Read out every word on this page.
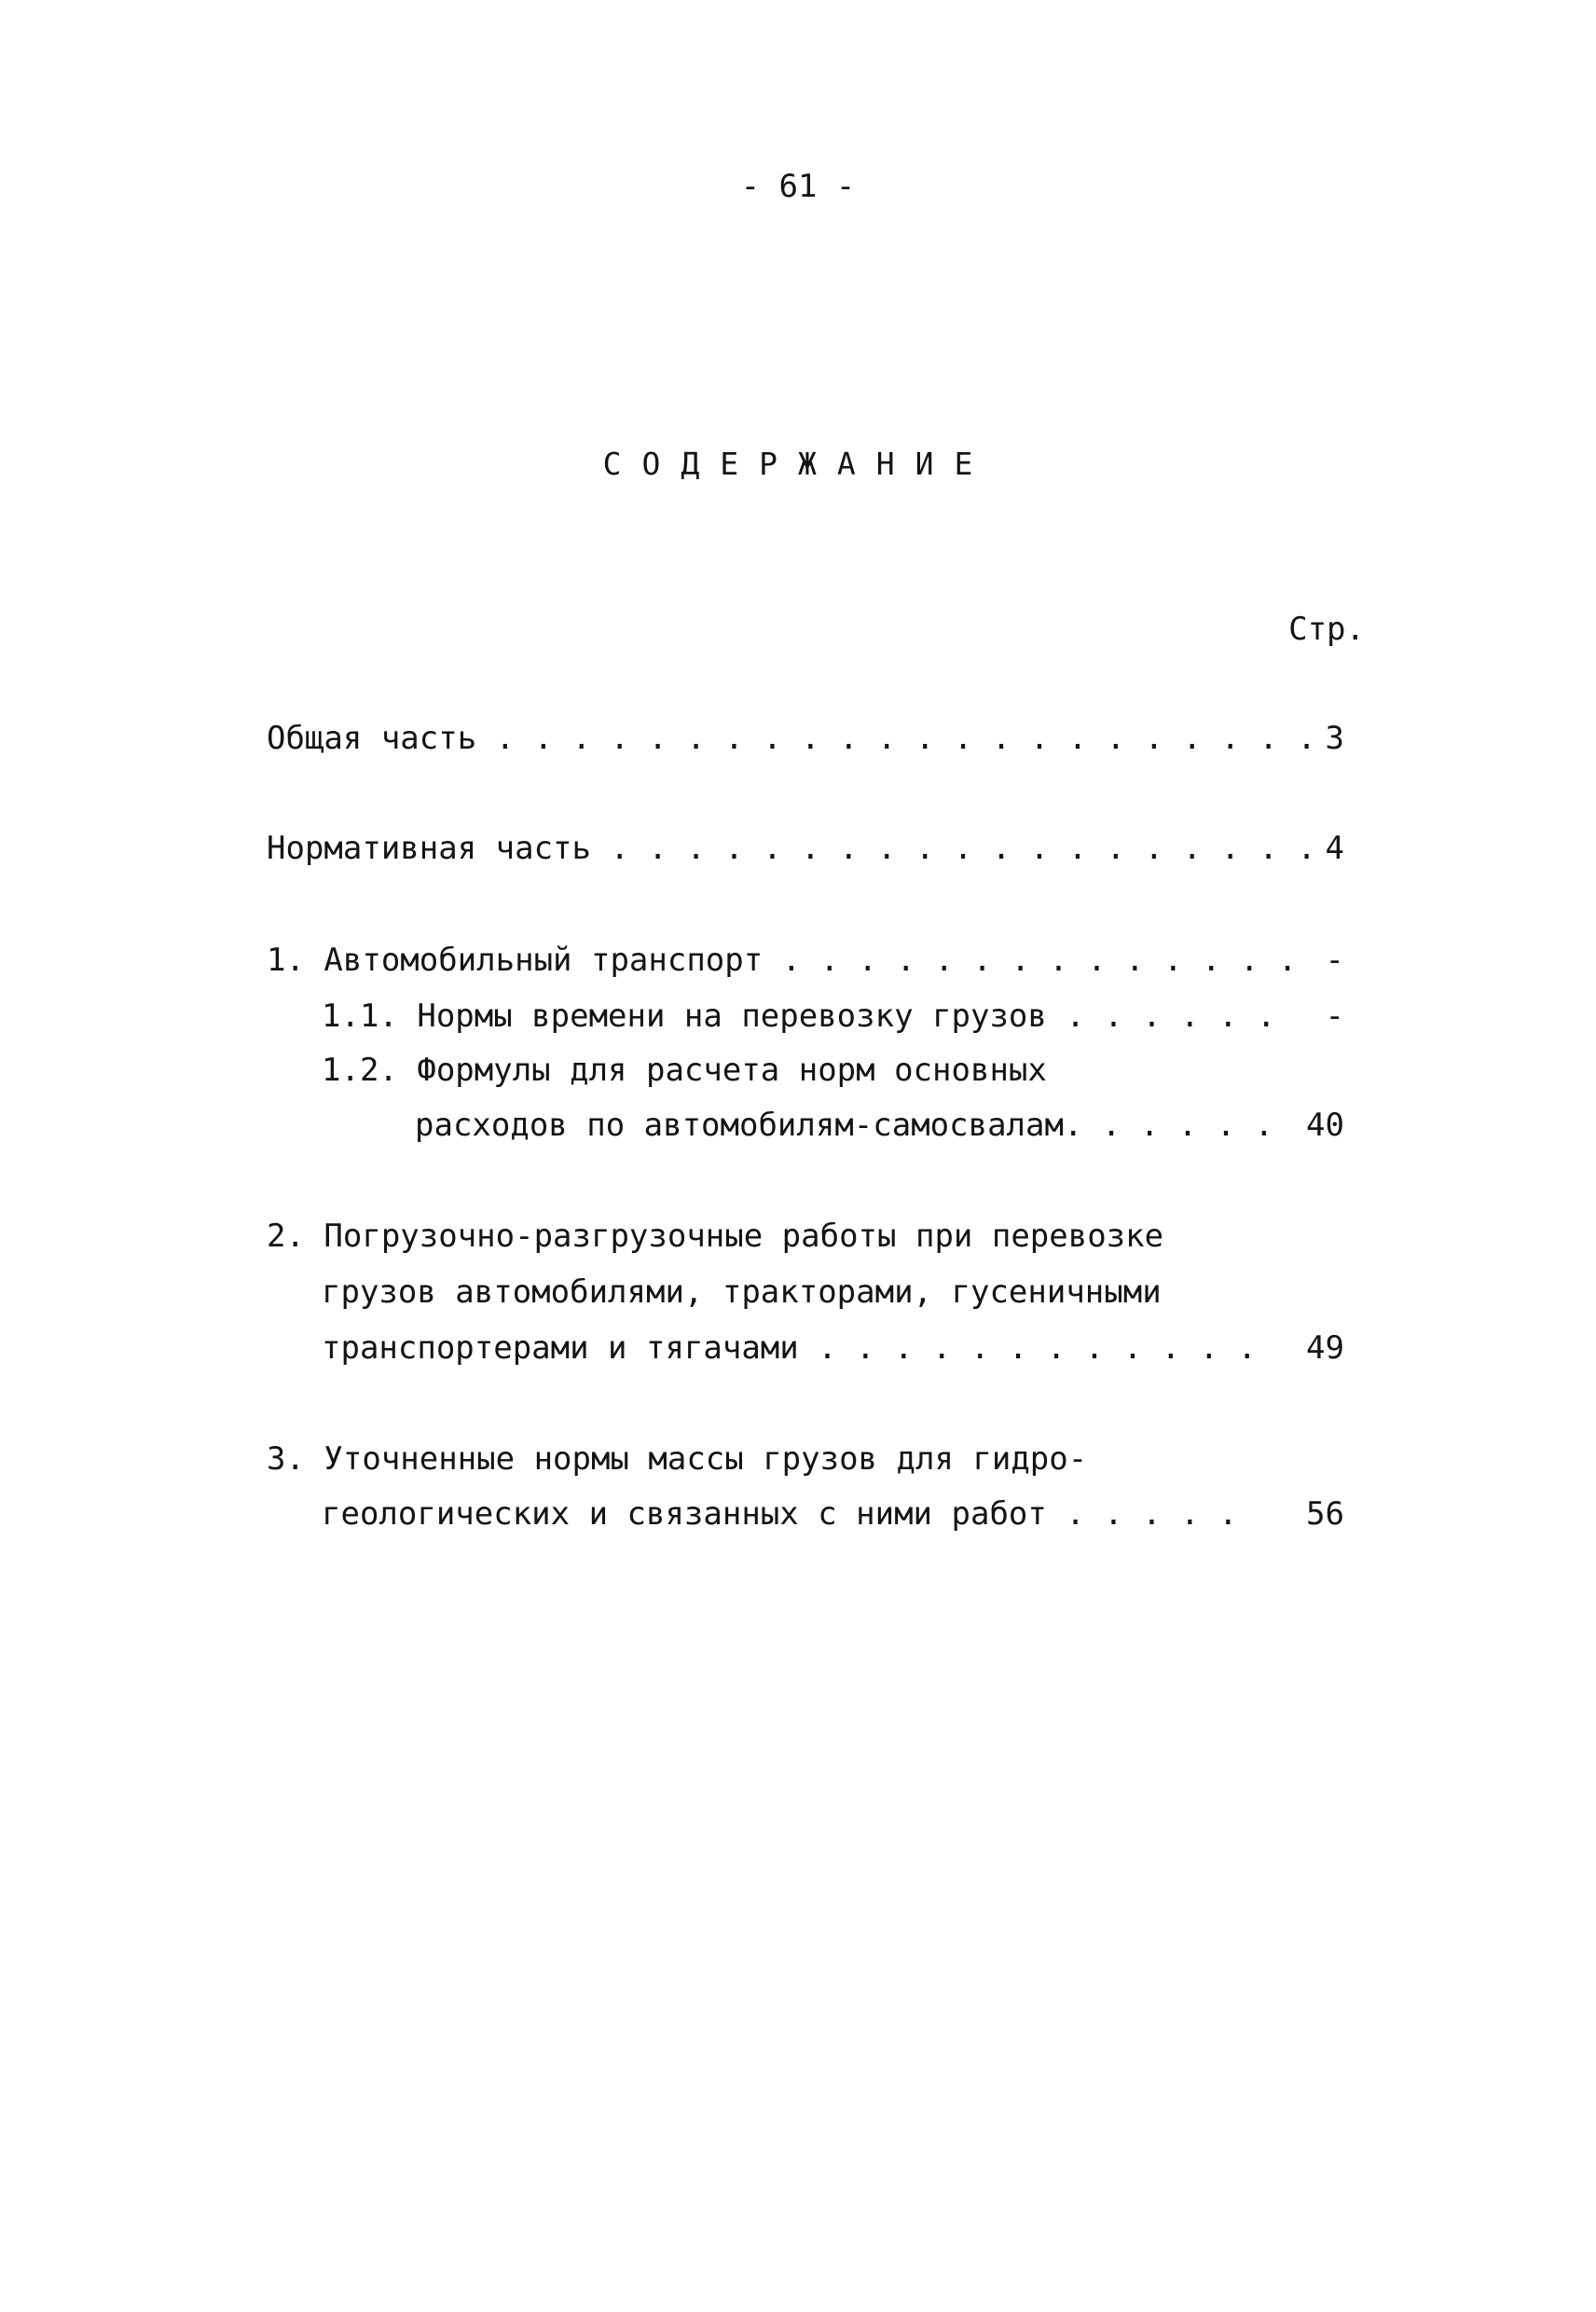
- 61 -
СОДЕРЖАНИЕ
Стр.
Общая часть . . . . . . . . . . . . . . . . . . . . . . 3
Нормативная часть . . . . . . . . . . . . . . . . . . . 4
1. Автомобильный транспорт . . . . . . . . . . . . . . -
1.1. Нормы времени на перевозку грузов . . . . . .	-
1.2. Формулы для расчета норм основных
расходов по автомобилям-самосвалам. . . . . .	40
2. Погрузочно-разгрузочные работы при перевозке
грузов автомобилями, тракторами, гусеничными
транспортерами и тягачами . . . . . . . . . . . .	49
3. Уточненные нормы массы грузов для гидро-
геологических и связанных с ними работ . . . . .	56
